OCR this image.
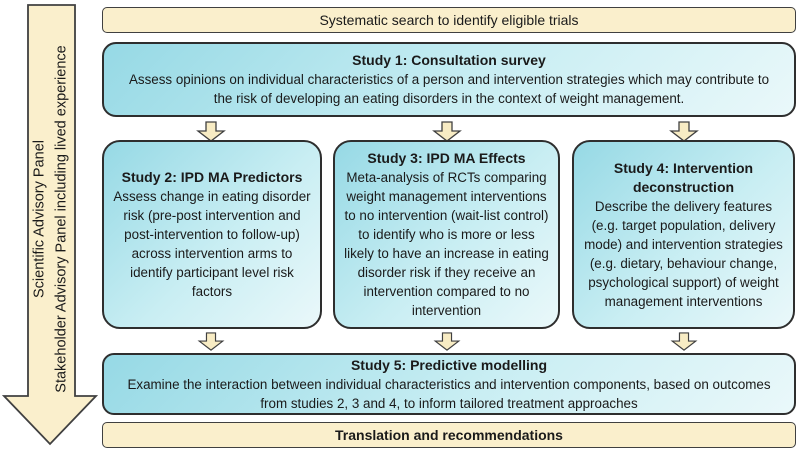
Scientific Advisory Panel Stakeholder Advisory Panel including lived experience
Systematic search to identify eligible trials
Study 1: Consultation survey
Assess opinions on individual characteristics of a person and intervention strategies which may contribute to the risk of developing an eating disorders in the context of weight management.
Study 2: IPD MA Predictors
Assess change in eating disorder risk (pre-post intervention and post-intervention to follow-up) across intervention arms to identify participant level risk factors
Study 3: IPD MA Effects
Meta-analysis of RCTs comparing weight management interventions to no intervention (wait-list control) to identify who is more or less likely to have an increase in eating disorder risk if they receive an intervention compared to no intervention
Study 4: Intervention deconstruction
Describe the delivery features (e.g. target population, delivery mode) and intervention strategies (e.g. dietary, behaviour change, psychological support) of weight management interventions
Study 5: Predictive modelling
Examine the interaction between individual characteristics and intervention components, based on outcomes from studies 2, 3 and 4, to inform tailored treatment approaches
Translation and recommendations
